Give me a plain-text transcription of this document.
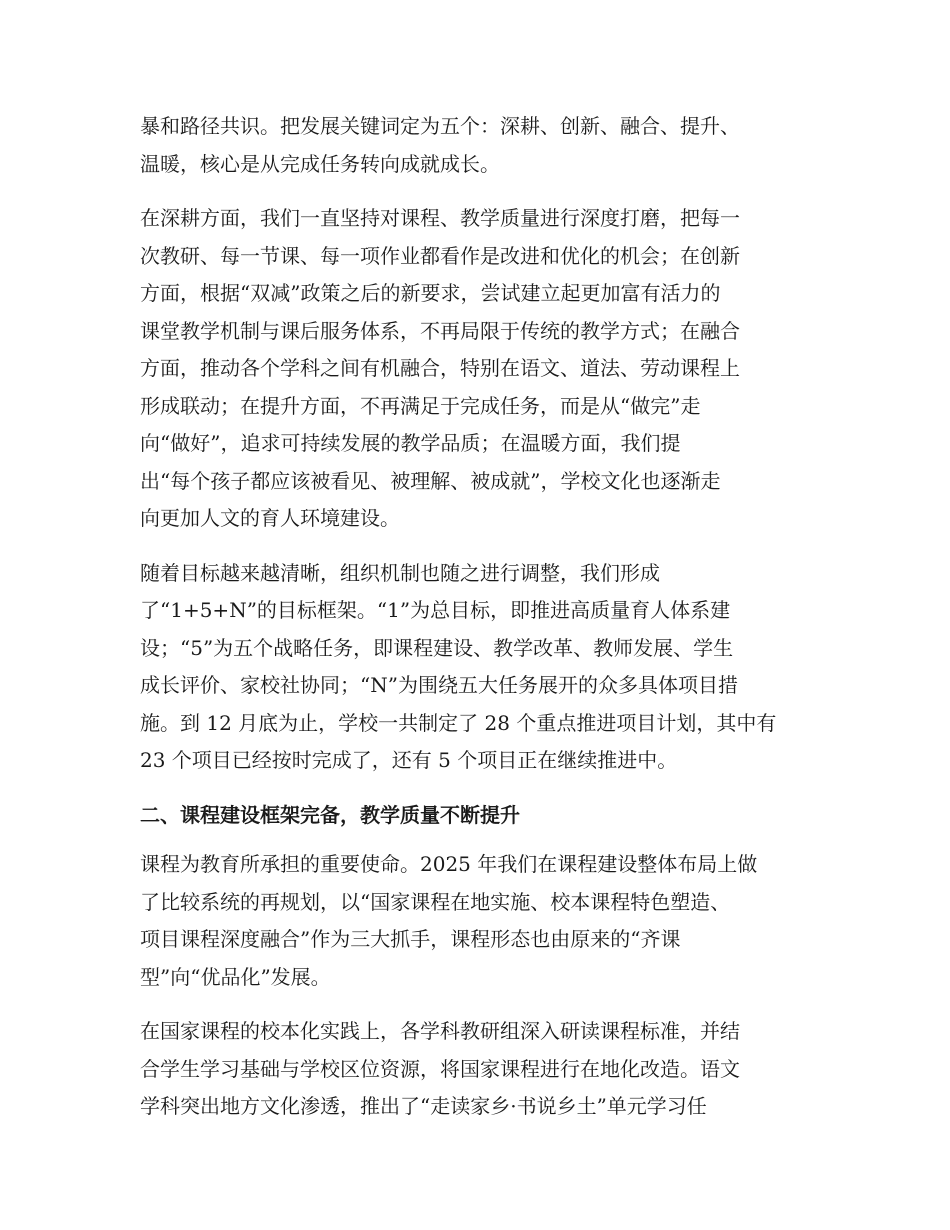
暴和路径共识。把发展关键词定为五个：深耕、创新、融合、提升、
温暖，核心是从完成任务转向成就成长。

在深耕方面，我们一直坚持对课程、教学质量进行深度打磨，把每一
次教研、每一节课、每一项作业都看作是改进和优化的机会；在创新
方面，根据“双减”政策之后的新要求，尝试建立起更加富有活力的
课堂教学机制与课后服务体系，不再局限于传统的教学方式；在融合
方面，推动各个学科之间有机融合，特别在语文、道法、劳动课程上
形成联动；在提升方面，不再满足于完成任务，而是从“做完”走
向“做好”，追求可持续发展的教学品质；在温暖方面，我们提
出“每个孩子都应该被看见、被理解、被成就”，学校文化也逐渐走
向更加人文的育人环境建设。

随着目标越来越清晰，组织机制也随之进行调整，我们形成
了“1+5+N”的目标框架。“1”为总目标，即推进高质量育人体系建
设；“5”为五个战略任务，即课程建设、教学改革、教师发展、学生
成长评价、家校社协同；“N”为围绕五大任务展开的众多具体项目措
施。到 12 月底为止，学校一共制定了 28 个重点推进项目计划，其中有
23 个项目已经按时完成了，还有 5 个项目正在继续推进中。

二、课程建设框架完备，教学质量不断提升

课程为教育所承担的重要使命。2025 年我们在课程建设整体布局上做
了比较系统的再规划，以“国家课程在地实施、校本课程特色塑造、
项目课程深度融合”作为三大抓手，课程形态也由原来的“齐课
型”向“优品化”发展。

在国家课程的校本化实践上，各学科教研组深入研读课程标准，并结
合学生学习基础与学校区位资源，将国家课程进行在地化改造。语文
学科突出地方文化渗透，推出了“走读家乡·书说乡土”单元学习任
